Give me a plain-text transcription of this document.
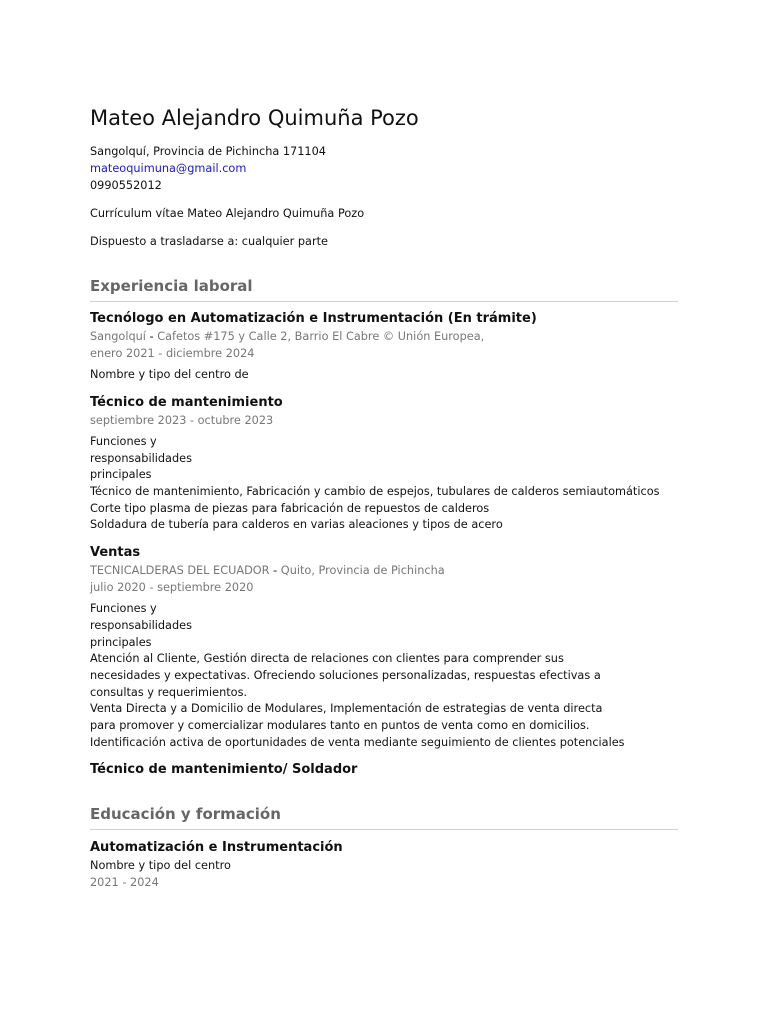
Mateo Alejandro Quimuña Pozo

Sangolquí, Provincia de Pichincha 171104

mateoquimuna@gmail.com

0990552012

Currículum vítae Mateo Alejandro Quimuña Pozo

Dispuesto a trasladarse a: cualquier parte

Experiencia laboral

Tecnólogo en Automatización e Instrumentación (En trámite)

Sangolquí - Cafetos #175 y Calle 2, Barrio El Cabre © Unión Europea,

enero 2021 - diciembre 2024

Nombre y tipo del centro de

Técnico de mantenimiento

septiembre 2023 - octubre 2023

Funciones y

responsabilidades

principales

Técnico de mantenimiento, Fabricación y cambio de espejos, tubulares de calderos semiautomáticos

Corte tipo plasma de piezas para fabricación de repuestos de calderos

Soldadura de tubería para calderos en varias aleaciones y tipos de acero

Ventas

TECNICALDERAS DEL ECUADOR - Quito, Provincia de Pichincha

julio 2020 - septiembre 2020

Funciones y

responsabilidades

principales

Atención al Cliente, Gestión directa de relaciones con clientes para comprender sus

necesidades y expectativas. Ofreciendo soluciones personalizadas, respuestas efectivas a

consultas y requerimientos.

Venta Directa y a Domicilio de Modulares, Implementación de estrategias de venta directa

para promover y comercializar modulares tanto en puntos de venta como en domicilios.

Identificación activa de oportunidades de venta mediante seguimiento de clientes potenciales

Técnico de mantenimiento/ Soldador

Educación y formación

Automatización e Instrumentación

Nombre y tipo del centro

2021 - 2024
